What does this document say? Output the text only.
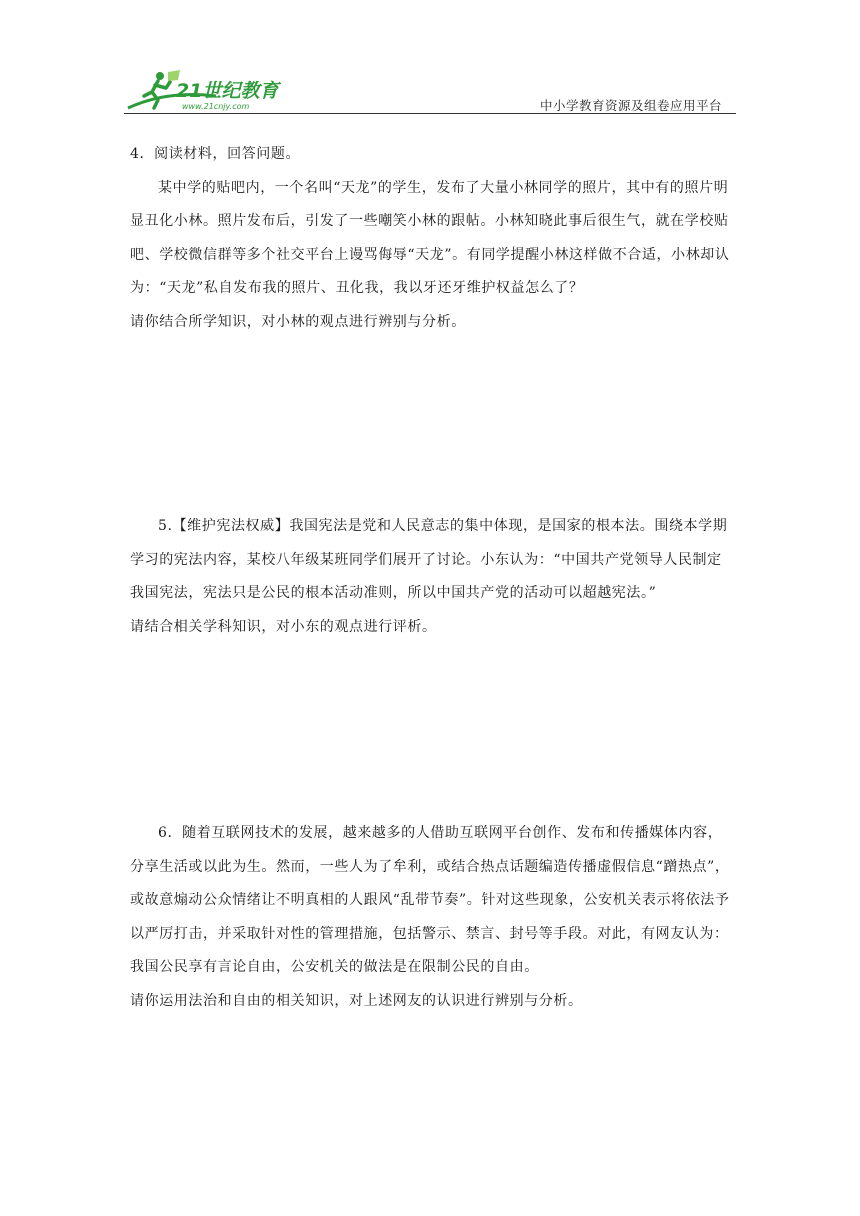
21世纪教育
www.21cnjy.com	中小学教育资源及组卷应用平台

4．阅读材料，回答问题。

某中学的贴吧内，一个名叫“天龙”的学生，发布了大量小林同学的照片，其中有的照片明显丑化小林。照片发布后，引发了一些嘲笑小林的跟帖。小林知晓此事后很生气，就在学校贴吧、学校微信群等多个社交平台上谩骂侮辱“天龙”。有同学提醒小林这样做不合适，小林却认为：“天龙”私自发布我的照片、丑化我，我以牙还牙维护权益怎么了？

请你结合所学知识，对小林的观点进行辨别与分析。

5.【维护宪法权威】我国宪法是党和人民意志的集中体现，是国家的根本法。围绕本学期学习的宪法内容，某校八年级某班同学们展开了讨论。小东认为：“中国共产党领导人民制定我国宪法，宪法只是公民的根本活动准则，所以中国共产党的活动可以超越宪法。”

请结合相关学科知识，对小东的观点进行评析。

6．随着互联网技术的发展，越来越多的人借助互联网平台创作、发布和传播媒体内容，分享生活或以此为生。然而，一些人为了牟利，或结合热点话题编造传播虚假信息“蹭热点”，或故意煽动公众情绪让不明真相的人跟风“乱带节奏”。针对这些现象，公安机关表示将依法予以严厉打击，并采取针对性的管理措施，包括警示、禁言、封号等手段。对此，有网友认为：我国公民享有言论自由，公安机关的做法是在限制公民的自由。

请你运用法治和自由的相关知识，对上述网友的认识进行辨别与分析。
